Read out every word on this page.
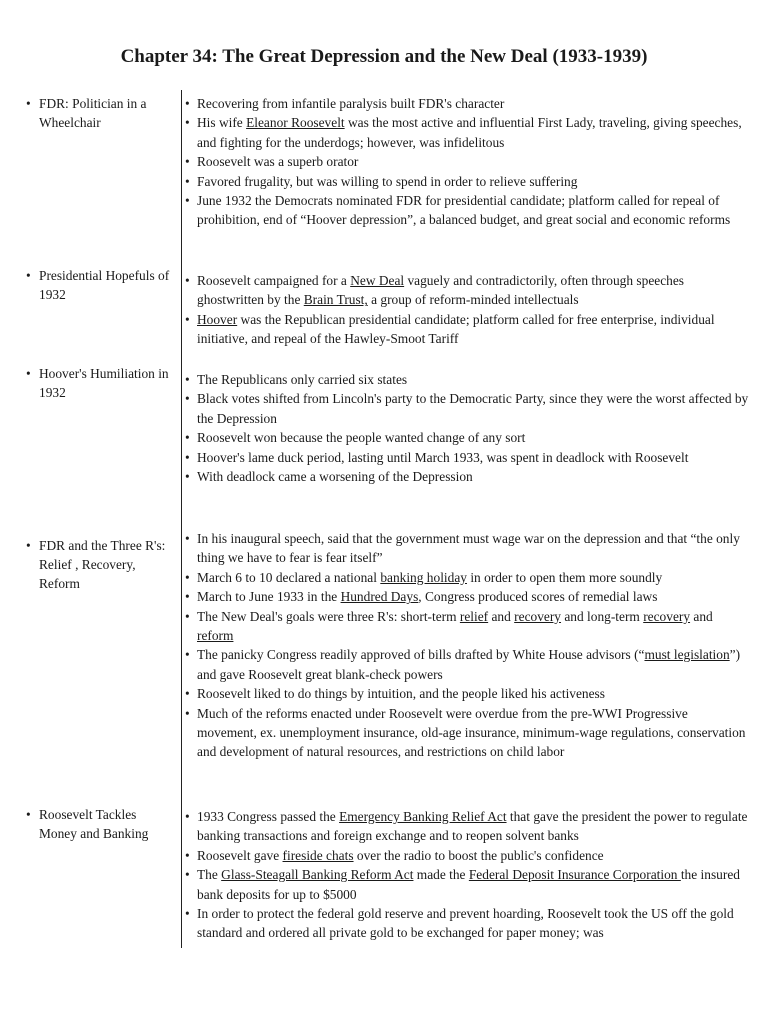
Chapter 34: The Great Depression and the New Deal (1933-1939)
• FDR: Politician in a Wheelchair
• Recovering from infantile paralysis built FDR's character
• His wife Eleanor Roosevelt was the most active and influential First Lady, traveling, giving speeches, and fighting for the underdogs; however, was infidelitous
• Roosevelt was a superb orator
• Favored frugality, but was willing to spend in order to relieve suffering
• June 1932 the Democrats nominated FDR for presidential candidate; platform called for repeal of prohibition, end of “Hoover depression”, a balanced budget, and great social and economic reforms
• Presidential Hopefuls of 1932
• Roosevelt campaigned for a New Deal vaguely and contradictorily, often through speeches ghostwritten by the Brain Trust, a group of reform-minded intellectuals
• Hoover was the Republican presidential candidate; platform called for free enterprise, individual initiative, and repeal of the Hawley-Smoot Tariff
• Hoover's Humiliation in 1932
• The Republicans only carried six states
• Black votes shifted from Lincoln's party to the Democratic Party, since they were the worst affected by the Depression
• Roosevelt won because the people wanted change of any sort
• Hoover's lame duck period, lasting until March 1933, was spent in deadlock with Roosevelt
• With deadlock came a worsening of the Depression
• FDR and the Three R's: Relief , Recovery, Reform
• In his inaugural speech, said that the government must wage war on the depression and that “the only thing we have to fear is fear itself”
• March 6 to 10 declared a national banking holiday in order to open them more soundly
• March to June 1933 in the Hundred Days, Congress produced scores of remedial laws
• The New Deal's goals were three R's: short-term relief and recovery and long-term recovery and reform
• The panicky Congress readily approved of bills drafted by White House advisors (“must legislation”) and gave Roosevelt great blank-check powers
• Roosevelt liked to do things by intuition, and the people liked his activeness
• Much of the reforms enacted under Roosevelt were overdue from the pre-WWI Progressive movement, ex. unemployment insurance, old-age insurance, minimum-wage regulations, conservation and development of natural resources, and restrictions on child labor
• Roosevelt Tackles Money and Banking
• 1933 Congress passed the Emergency Banking Relief Act that gave the president the power to regulate banking transactions and foreign exchange and to reopen solvent banks
• Roosevelt gave fireside chats over the radio to boost the public's confidence
• The Glass-Steagall Banking Reform Act made the Federal Deposit Insurance Corporation the insured bank deposits for up to $5000
• In order to protect the federal gold reserve and prevent hoarding, Roosevelt took the US off the gold standard and ordered all private gold to be exchanged for paper money; was
